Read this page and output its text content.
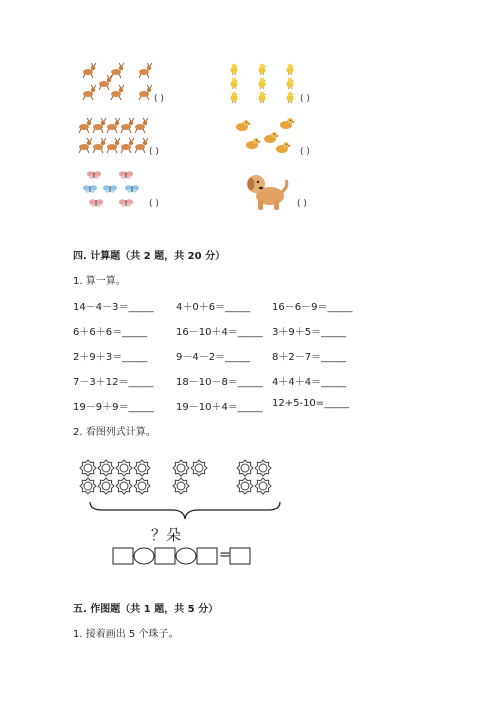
( )	( )
( )	( )
( )	( )
四. 计算题（共 2 题，共 20 分）
1. 算一算。
14－4－3＝_____ 4＋0＋6＝_____ 16－6－9＝_____
6＋6＋6＝_____	16－10＋4＝_____ 3＋9＋5＝_____
2＋9＋3＝_____	9－4－2＝_____ 8＋2－7＝_____
7－3＋12＝_____ 18－10－8＝_____ 4＋4＋4＝_____
19－9＋9＝_____ 19－10＋4＝_____ 12+5-10=_____
2. 看图列式计算。
？朵
=
五. 作图题（共 1 题，共 5 分）
1. 接着画出 5 个珠子。
